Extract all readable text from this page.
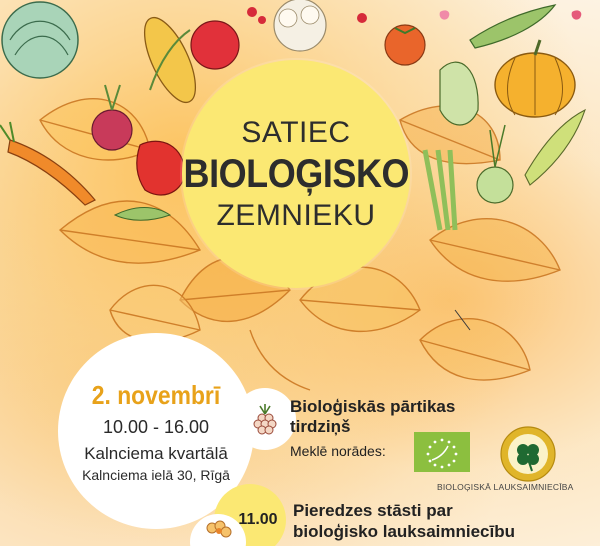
SATIEC
BIOLOĢISKO
ZEMNIEKU
2. novembrī
10.00 - 16.00
Kalnciema kvartālā
Kalnciema ielā 30, Rīgā
Bioloģiskās pārtikas
tirdziņš
Meklē norādes:
BIOLOĢISKĀ LAUKSAIMNIECĪBA
11.00 Pieredzes stāsti par
bioloģisko lauksaimniecību
